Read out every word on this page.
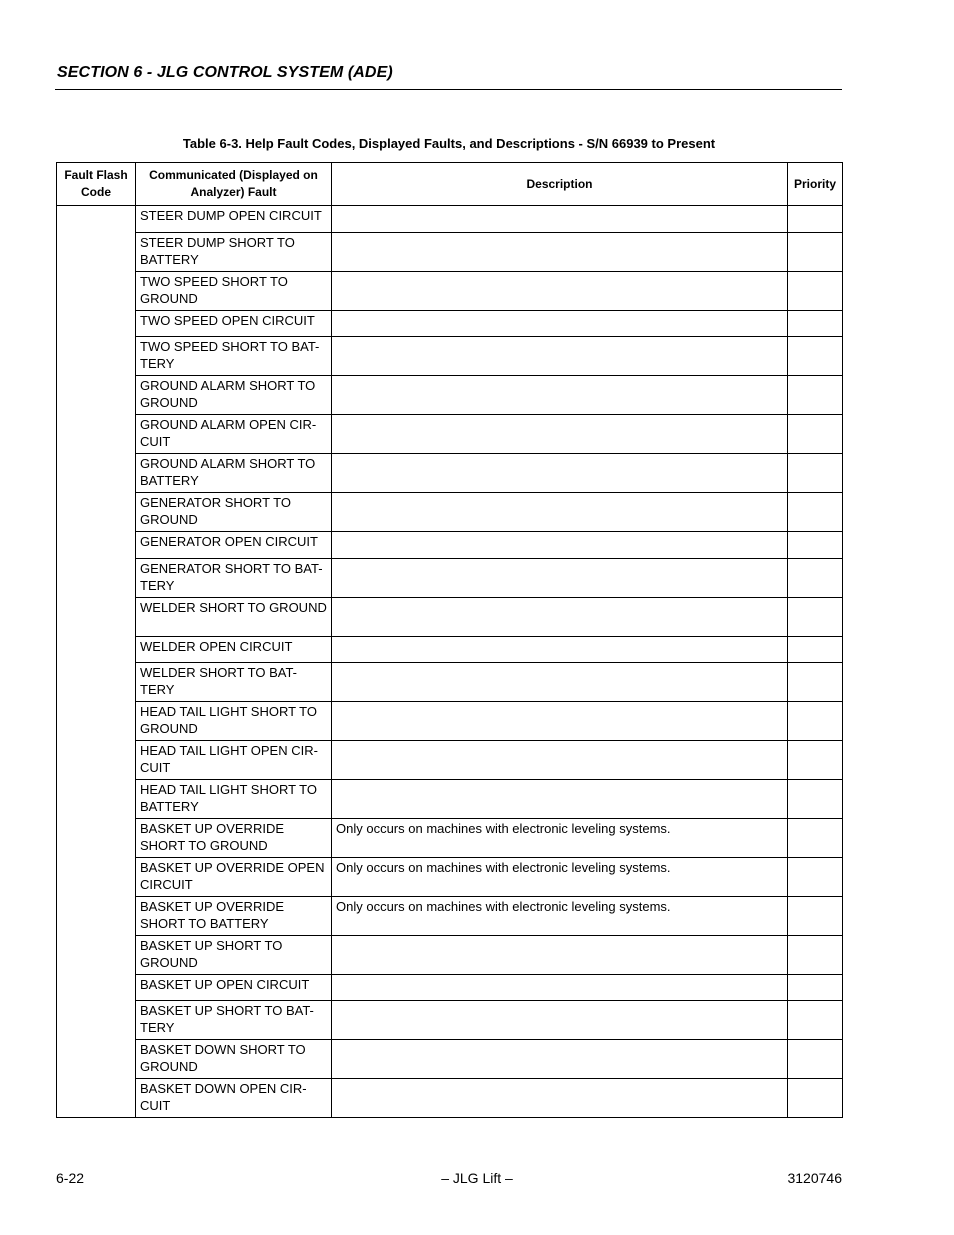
SECTION 6 - JLG CONTROL SYSTEM (ADE)
Table 6-3. Help Fault Codes, Displayed Faults, and Descriptions - S/N 66939 to Present
Fault Flash Code	Communicated (Displayed on Analyzer) Fault	Description	Priority
	STEER DUMP OPEN CIRCUIT		
	STEER DUMP SHORT TO BATTERY		
	TWO SPEED SHORT TO GROUND		
	TWO SPEED OPEN CIRCUIT		
	TWO SPEED SHORT TO BAT-TERY		
	GROUND ALARM SHORT TO GROUND		
	GROUND ALARM OPEN CIR-CUIT		
	GROUND ALARM SHORT TO BATTERY		
	GENERATOR SHORT TO GROUND		
	GENERATOR OPEN CIRCUIT		
	GENERATOR SHORT TO BAT-TERY		
	WELDER SHORT TO GROUND		
	WELDER OPEN CIRCUIT		
	WELDER SHORT TO BAT-TERY		
	HEAD TAIL LIGHT SHORT TO GROUND		
	HEAD TAIL LIGHT OPEN CIR-CUIT		
	HEAD TAIL LIGHT SHORT TO BATTERY		
	BASKET UP OVERRIDE SHORT TO GROUND	Only occurs on machines with electronic leveling systems.	
	BASKET UP OVERRIDE OPEN CIRCUIT	Only occurs on machines with electronic leveling systems.	
	BASKET UP OVERRIDE SHORT TO BATTERY	Only occurs on machines with electronic leveling systems.	
	BASKET UP SHORT TO GROUND		
	BASKET UP OPEN CIRCUIT		
	BASKET UP SHORT TO BAT-TERY		
	BASKET DOWN SHORT TO GROUND		
	BASKET DOWN OPEN CIR-CUIT		
6-22	– JLG Lift –	3120746
